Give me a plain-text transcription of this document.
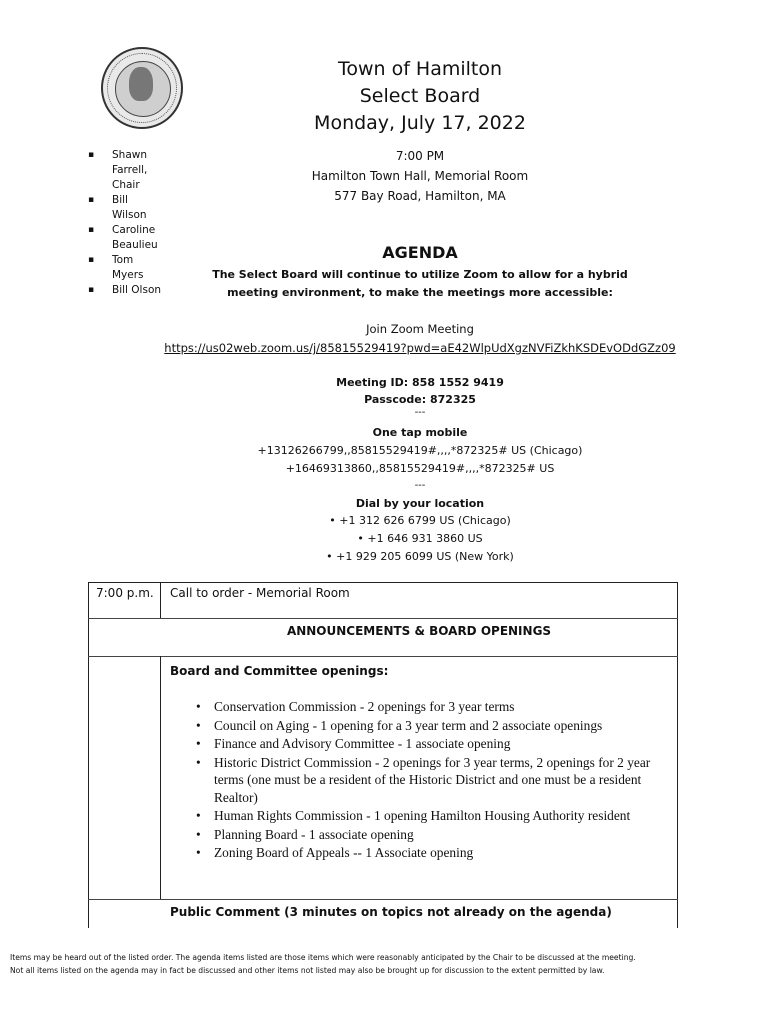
Town of Hamilton
Select Board
Monday, July 17, 2022
▪ Shawn Farrell, Chair
▪ Bill Wilson
▪ Caroline Beaulieu
▪ Tom Myers
▪ Bill Olson
7:00 PM
Hamilton Town Hall, Memorial Room
577 Bay Road, Hamilton, MA
AGENDA
The Select Board will continue to utilize Zoom to allow for a hybrid meeting environment, to make the meetings more accessible:
Join Zoom Meeting
https://us02web.zoom.us/j/85815529419?pwd=aE42WlpUdXgzNVFiZkhKSDEvODdGZz09
Meeting ID: 858 1552 9419
Passcode: 872325
---
One tap mobile
+13126266799,,85815529419#,,,,*872325# US (Chicago)
+16469313860,,85815529419#,,,,*872325# US
---
Dial by your location
• +1 312 626 6799 US (Chicago)
• +1 646 931 3860 US
• +1 929 205 6099 US (New York)
7:00 p.m. Call to order - Memorial Room
ANNOUNCEMENTS & BOARD OPENINGS
Board and Committee openings:
• Conservation Commission - 2 openings for 3 year terms
• Council on Aging - 1 opening for a 3 year term and 2 associate openings
• Finance and Advisory Committee - 1 associate opening
• Historic District Commission - 2 openings for 3 year terms, 2 openings for 2 year terms (one must be a resident of the Historic District and one must be a resident Realtor)
• Human Rights Commission - 1 opening Hamilton Housing Authority resident
• Planning Board - 1 associate opening
• Zoning Board of Appeals -- 1 Associate opening
Public Comment (3 minutes on topics not already on the agenda)
Items may be heard out of the listed order. The agenda items listed are those items which were reasonably anticipated by the Chair to be discussed at the meeting.
Not all items listed on the agenda may in fact be discussed and other items not listed may also be brought up for discussion to the extent permitted by law.
